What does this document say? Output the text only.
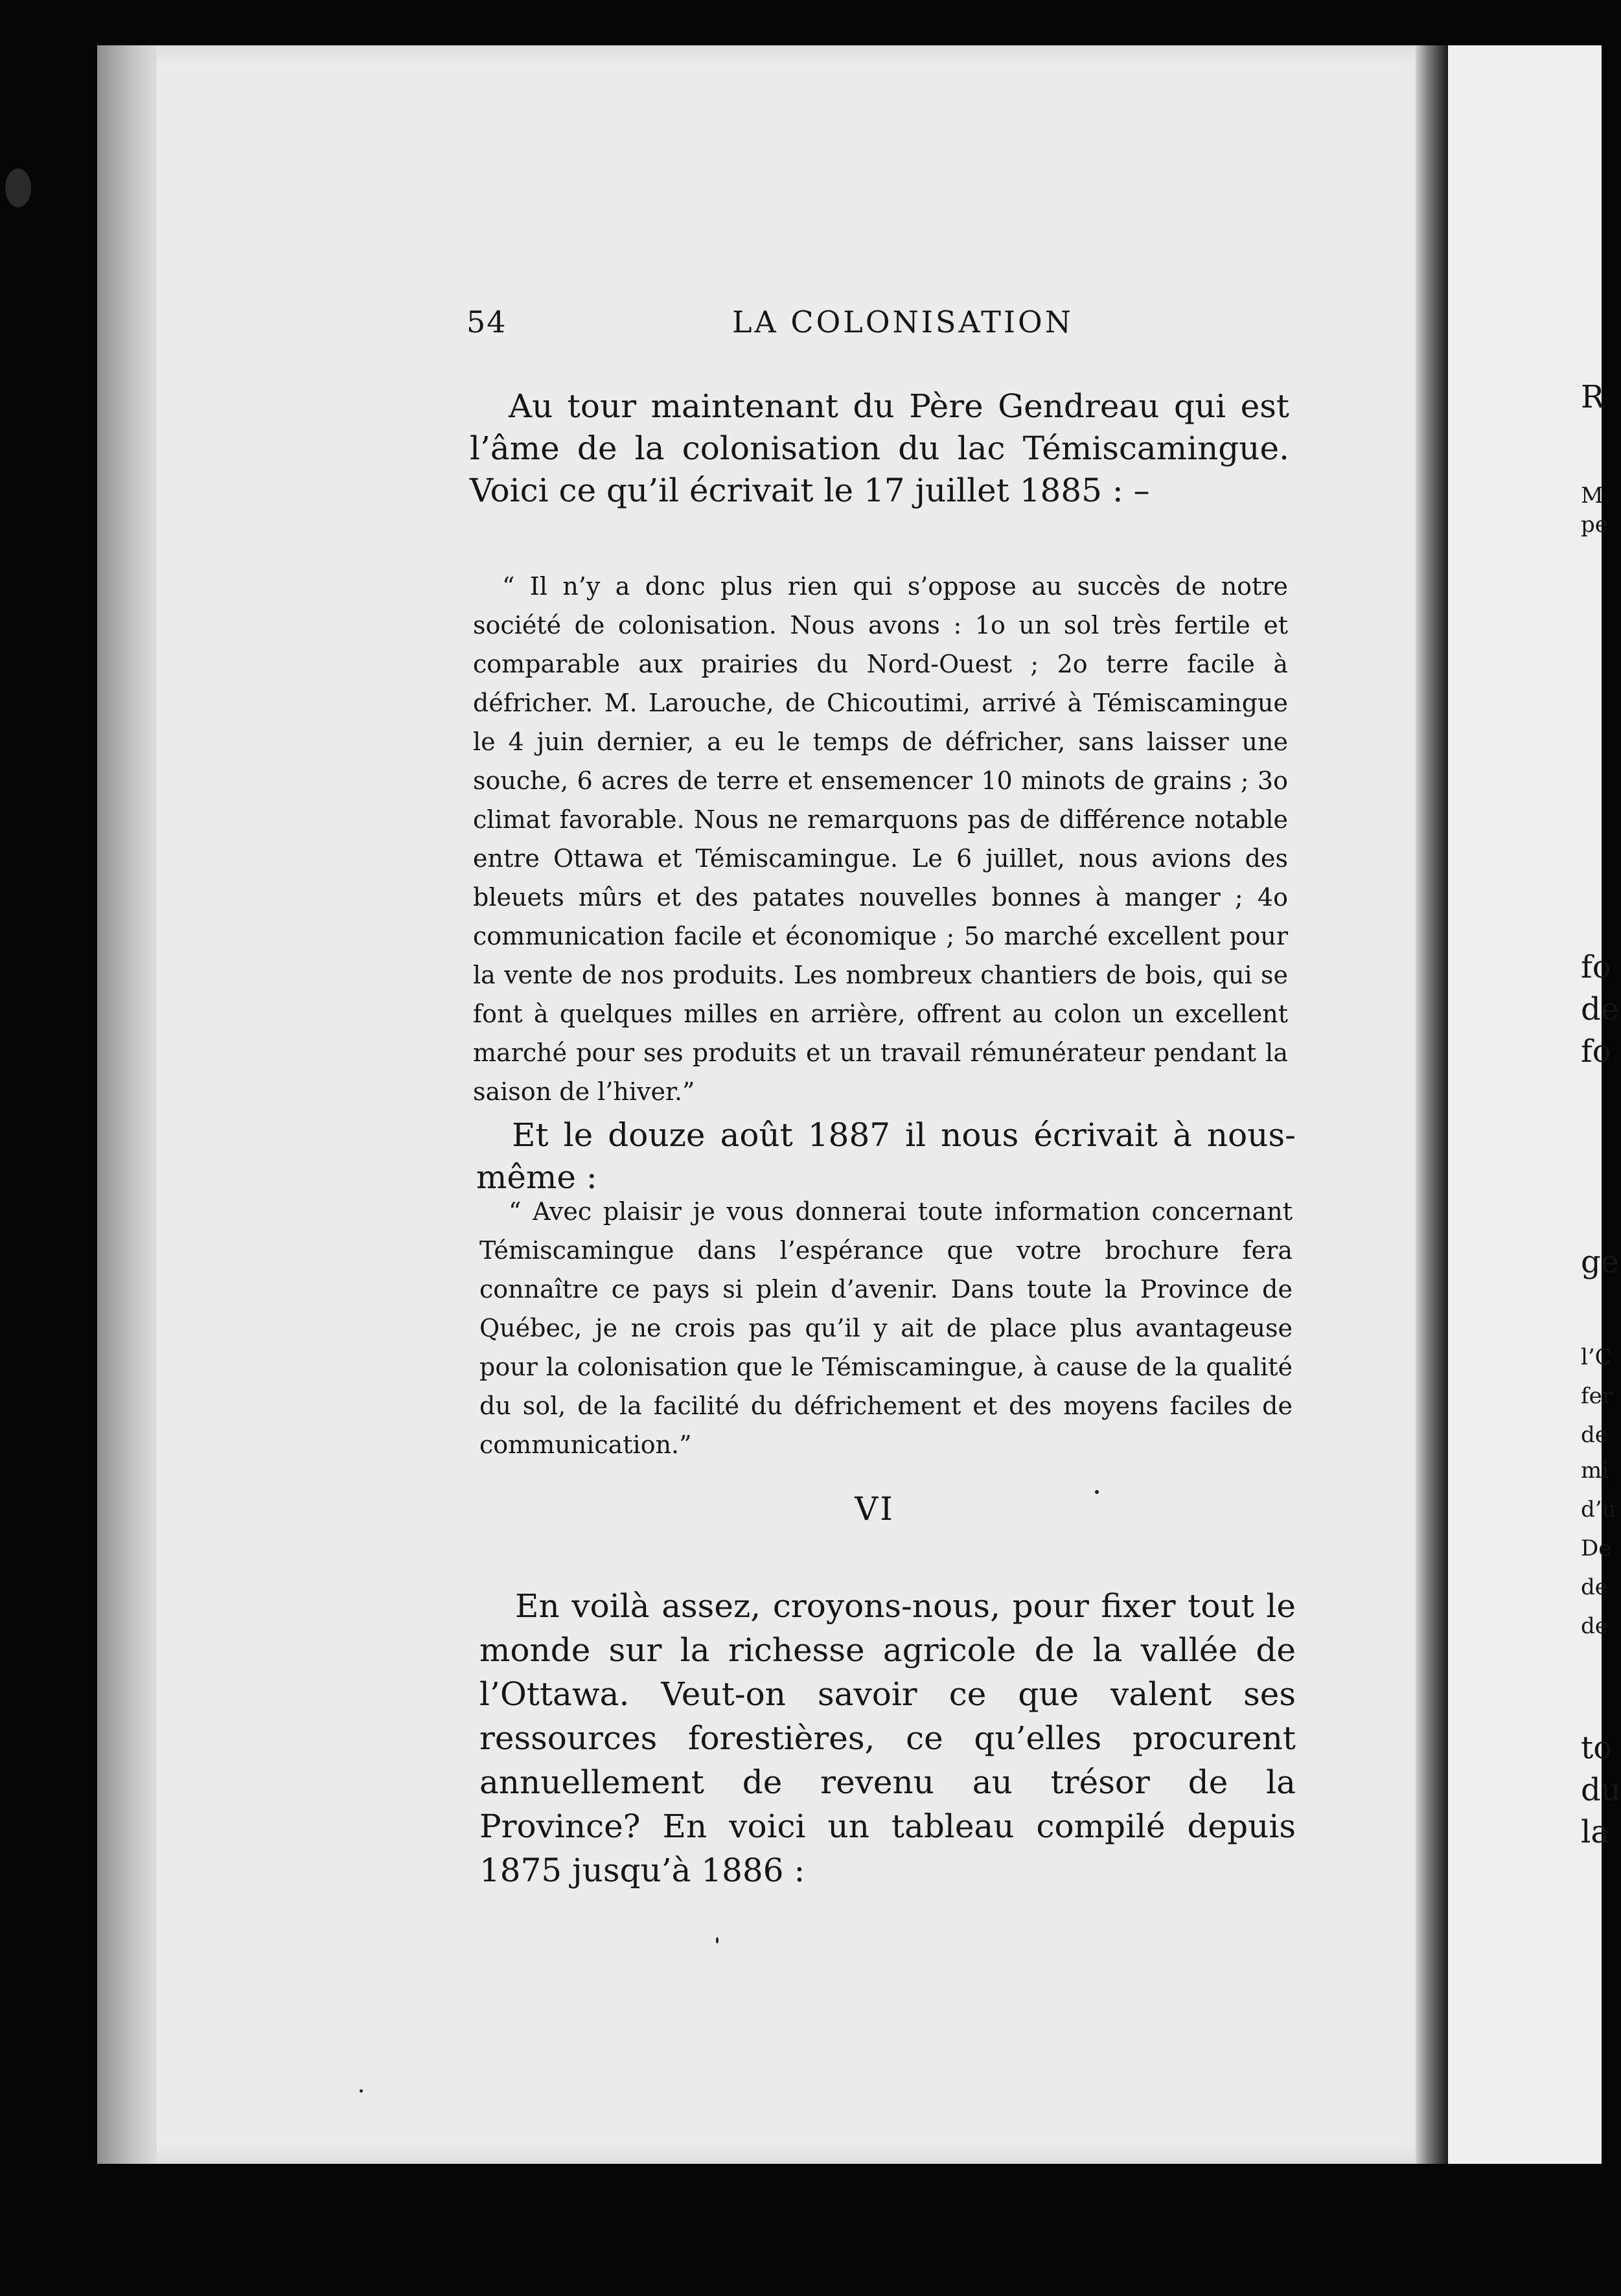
54	LA COLONISATION
Au tour maintenant du Père Gendreau qui est l’âme de la colonisation du lac Témiscamingue. Voici ce qu’il écrivait le 17 juillet 1885 : –
“ Il n’y a donc plus rien qui s’oppose au succès de notre société de colonisation. Nous avons : 1o un sol très fertile et comparable aux prairies du Nord-Ouest ; 2o terre facile à défricher. M. Larouche, de Chicoutimi, arrivé à Témiscamingue le 4 juin dernier, a eu le temps de défricher, sans laisser une souche, 6 acres de terre et ensemencer 10 minots de grains ; 3o climat favorable. Nous ne remarquons pas de différence notable entre Ottawa et Témiscamingue. Le 6 juillet, nous avions des bleuets mûrs et des patates nouvelles bonnes à manger ; 4o communication facile et économique ; 5o marché excellent pour la vente de nos produits. Les nombreux chantiers de bois, qui se font à quelques milles en arrière, offrent au colon un excellent marché pour ses produits et un travail rémunérateur pendant la saison de l’hiver.”
Et le douze août 1887 il nous écrivait à nous-même :
“ Avec plaisir je vous donnerai toute information concernant Témiscamingue dans l’espérance que votre brochure fera connaître ce pays si plein d’avenir. Dans toute la Province de Québec, je ne crois pas qu’il y ait de place plus avantageuse pour la colonisation que le Témiscamingue, à cause de la qualité du sol, de la facilité du défrichement et des moyens faciles de communication.”
VI
En voilà assez, croyons-nous, pour fixer tout le monde sur la richesse agricole de la vallée de l’Ottawa. Veut-on savoir ce que valent ses ressources forestières, ce qu’elles procurent annuellement de revenu au trésor de la Province? En voici un tableau compilé depuis 1875 jusqu’à 1886 :
R
M
pe
fo
de
fo
ge
l’C
fer
de
mi
d’u
De
de
de
to
du
la
